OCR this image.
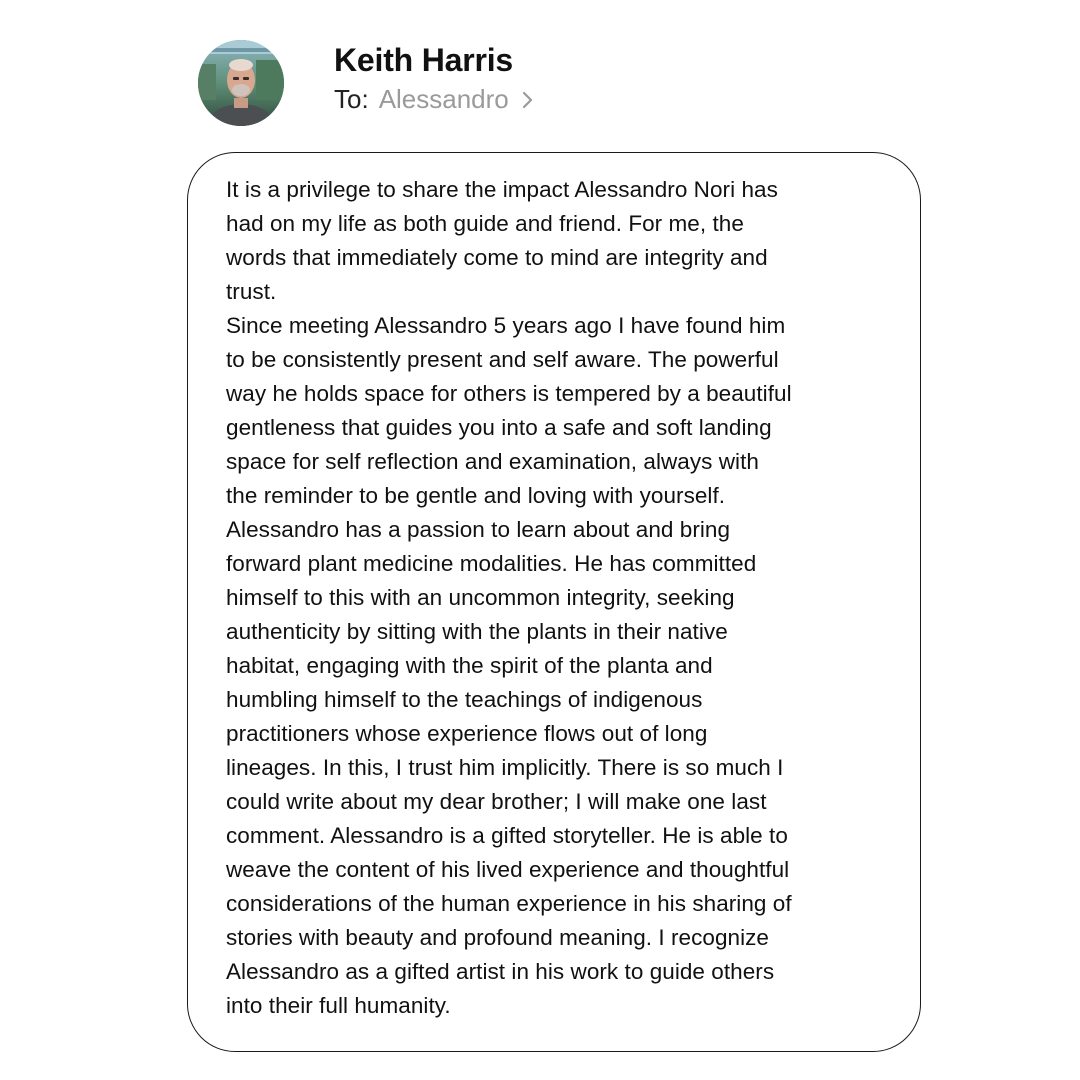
Keith Harris
To: Alessandro
It is a privilege to share the impact Alessandro Nori has
had on my life as both guide and friend. For me, the
words that immediately come to mind are integrity and
trust.
Since meeting Alessandro 5 years ago I have found him
to be consistently present and self aware. The powerful
way he holds space for others is tempered by a beautiful
gentleness that guides you into a safe and soft landing
space for self reflection and examination, always with
the reminder to be gentle and loving with yourself.
Alessandro has a passion to learn about and bring
forward plant medicine modalities. He has committed
himself to this with an uncommon integrity, seeking
authenticity by sitting with the plants in their native
habitat, engaging with the spirit of the planta and
humbling himself to the teachings of indigenous
practitioners whose experience flows out of long
lineages. In this, I trust him implicitly. There is so much I
could write about my dear brother; I will make one last
comment. Alessandro is a gifted storyteller. He is able to
weave the content of his lived experience and thoughtful
considerations of the human experience in his sharing of
stories with beauty and profound meaning. I recognize
Alessandro as a gifted artist in his work to guide others
into their full humanity.
